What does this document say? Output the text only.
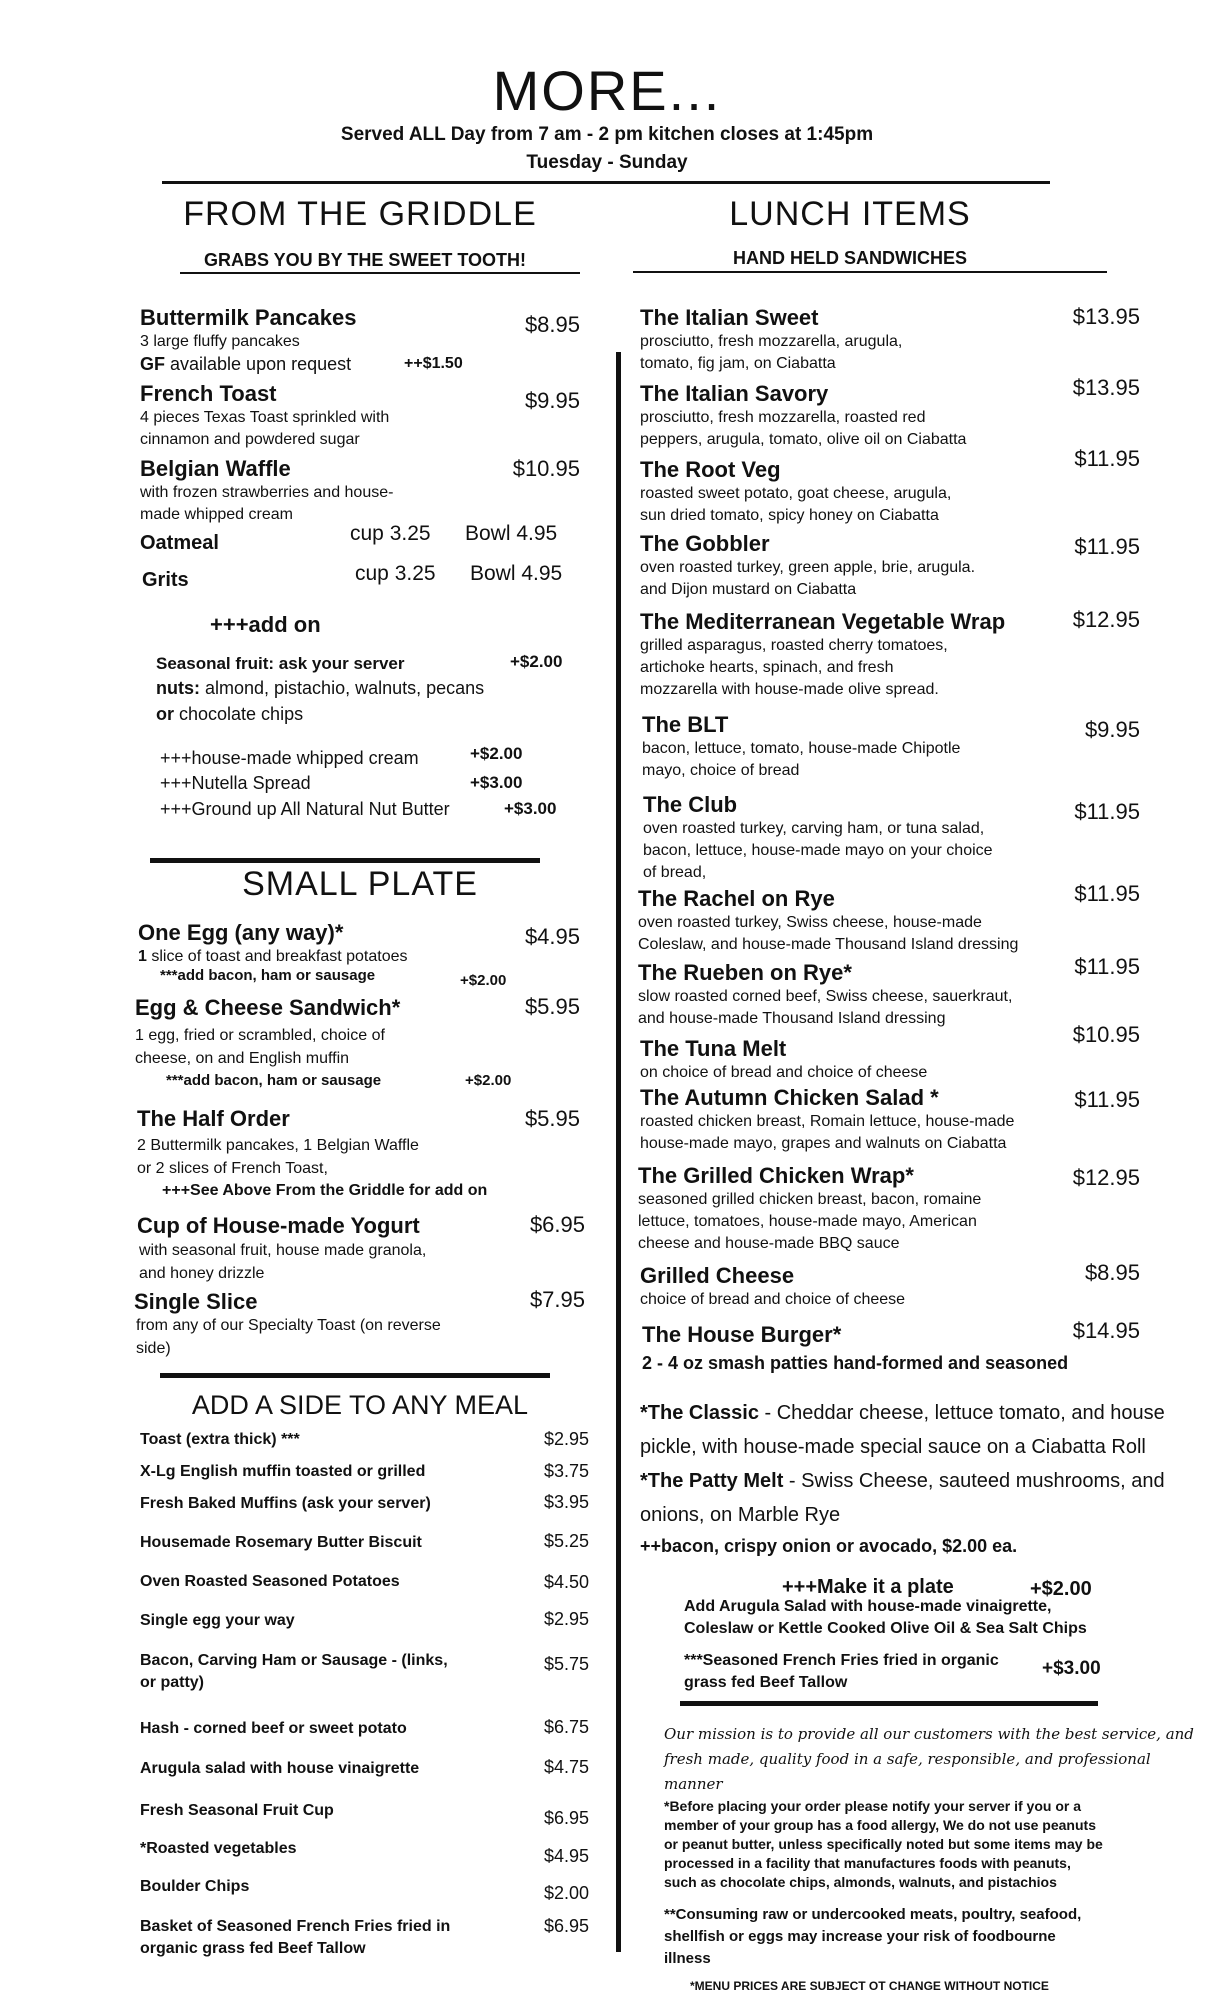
MORE...
Served ALL Day from 7 am - 2 pm kitchen closes at 1:45pm
Tuesday - Sunday
FROM THE GRIDDLE
GRABS YOU BY THE SWEET TOOTH!
Buttermilk Pancakes
3 large fluffy pancakes
GF available upon request
$8.95
++$1.50
French Toast
4 pieces Texas Toast sprinkled with
cinnamon and powdered sugar
$9.95
Belgian Waffle
with frozen strawberries and house-
made whipped cream
$10.95
Oatmeal	cup 3.25 Bowl 4.95
Grits	cup 3.25 Bowl 4.95
+++add on
Seasonal fruit: ask your server	+$2.00
nuts: almond, pistachio, walnuts, pecans
or chocolate chips
+++house-made whipped cream	+$2.00
+++Nutella Spread	+$3.00
+++Ground up All Natural Nut Butter	+$3.00
SMALL PLATE
One Egg (any way)*	$4.95
1 slice of toast and breakfast potatoes
***add bacon, ham or sausage	+$2.00
Egg & Cheese Sandwich*	$5.95
1 egg, fried or scrambled, choice of
cheese, on and English muffin
***add bacon, ham or sausage	+$2.00
The Half Order	$5.95
2 Buttermilk pancakes, 1 Belgian Waffle
or 2 slices of French Toast,
+++See Above From the Griddle for add on
Cup of House-made Yogurt	$6.95
with seasonal fruit, house made granola,
and honey drizzle
Single Slice	$7.95
from any of our Specialty Toast (on reverse
side)
ADD A SIDE TO ANY MEAL
Toast (extra thick) ***	$2.95
X-Lg English muffin toasted or grilled	$3.75
Fresh Baked Muffins (ask your server)	$3.95
Housemade Rosemary Butter Biscuit	$5.25
Oven Roasted Seasoned Potatoes	$4.50
Single egg your way	$2.95
Bacon, Carving Ham or Sausage - (links,
or patty)
$5.75
Hash - corned beef or sweet potato	$6.75
Arugula salad with house vinaigrette	$4.75
Fresh Seasonal Fruit Cup	$6.95
*Roasted vegetables	$4.95
Boulder Chips	$2.00
Basket of Seasoned French Fries fried in
organic grass fed Beef Tallow
$6.95
LUNCH ITEMS
HAND HELD SANDWICHES
The Italian Sweet
prosciutto, fresh mozzarella, arugula,
tomato, fig jam, on Ciabatta
$13.95
The Italian Savory
prosciutto, fresh mozzarella, roasted red
peppers, arugula, tomato, olive oil on Ciabatta
$13.95
The Root Veg
roasted sweet potato, goat cheese, arugula,
sun dried tomato, spicy honey on Ciabatta
$11.95
The Gobbler
oven roasted turkey, green apple, brie, arugula.
and Dijon mustard on Ciabatta
$11.95
The Mediterranean Vegetable Wrap
grilled asparagus, roasted cherry tomatoes,
artichoke hearts, spinach, and fresh
mozzarella with house-made olive spread.
$12.95
The BLT
bacon, lettuce, tomato, house-made Chipotle
mayo, choice of bread
$9.95
The Club
oven roasted turkey, carving ham, or tuna salad,
bacon, lettuce, house-made mayo on your choice
of bread,
$11.95
The Rachel on Rye
oven roasted turkey, Swiss cheese, house-made
Coleslaw, and house-made Thousand Island dressing
$11.95
The Rueben on Rye*
slow roasted corned beef, Swiss cheese, sauerkraut,
and house-made Thousand Island dressing
$11.95
The Tuna Melt
on choice of bread and choice of cheese
$10.95
The Autumn Chicken Salad *
roasted chicken breast, Romain lettuce, house-made
house-made mayo, grapes and walnuts on Ciabatta
$11.95
The Grilled Chicken Wrap*
seasoned grilled chicken breast, bacon, romaine
lettuce, tomatoes, house-made mayo, American
cheese and house-made BBQ sauce
$12.95
Grilled Cheese
choice of bread and choice of cheese
$8.95
The House Burger*
2 - 4 oz smash patties hand-formed and seasoned
$14.95
*The Classic - Cheddar cheese, lettuce tomato, and house
pickle, with house-made special sauce on a Ciabatta Roll
*The Patty Melt - Swiss Cheese, sauteed mushrooms, and
onions, on Marble Rye
++bacon, crispy onion or avocado, $2.00 ea.
+++Make it a plate	+$2.00
Add Arugula Salad with house-made vinaigrette,
Coleslaw or Kettle Cooked Olive Oil & Sea Salt Chips
***Seasoned French Fries fried in organic
grass fed Beef Tallow
+$3.00
Our mission is to provide all our customers with the best service, and
fresh made, quality food in a safe, responsible, and professional
manner
*Before placing your order please notify your server if you or a
member of your group has a food allergy, We do not use peanuts
or peanut butter, unless specifically noted but some items may be
processed in a facility that manufactures foods with peanuts,
such as chocolate chips, almonds, walnuts, and pistachios
**Consuming raw or undercooked meats, poultry, seafood,
shellfish or eggs may increase your risk of foodbourne
illness
*MENU PRICES ARE SUBJECT OT CHANGE WITHOUT NOTICE
